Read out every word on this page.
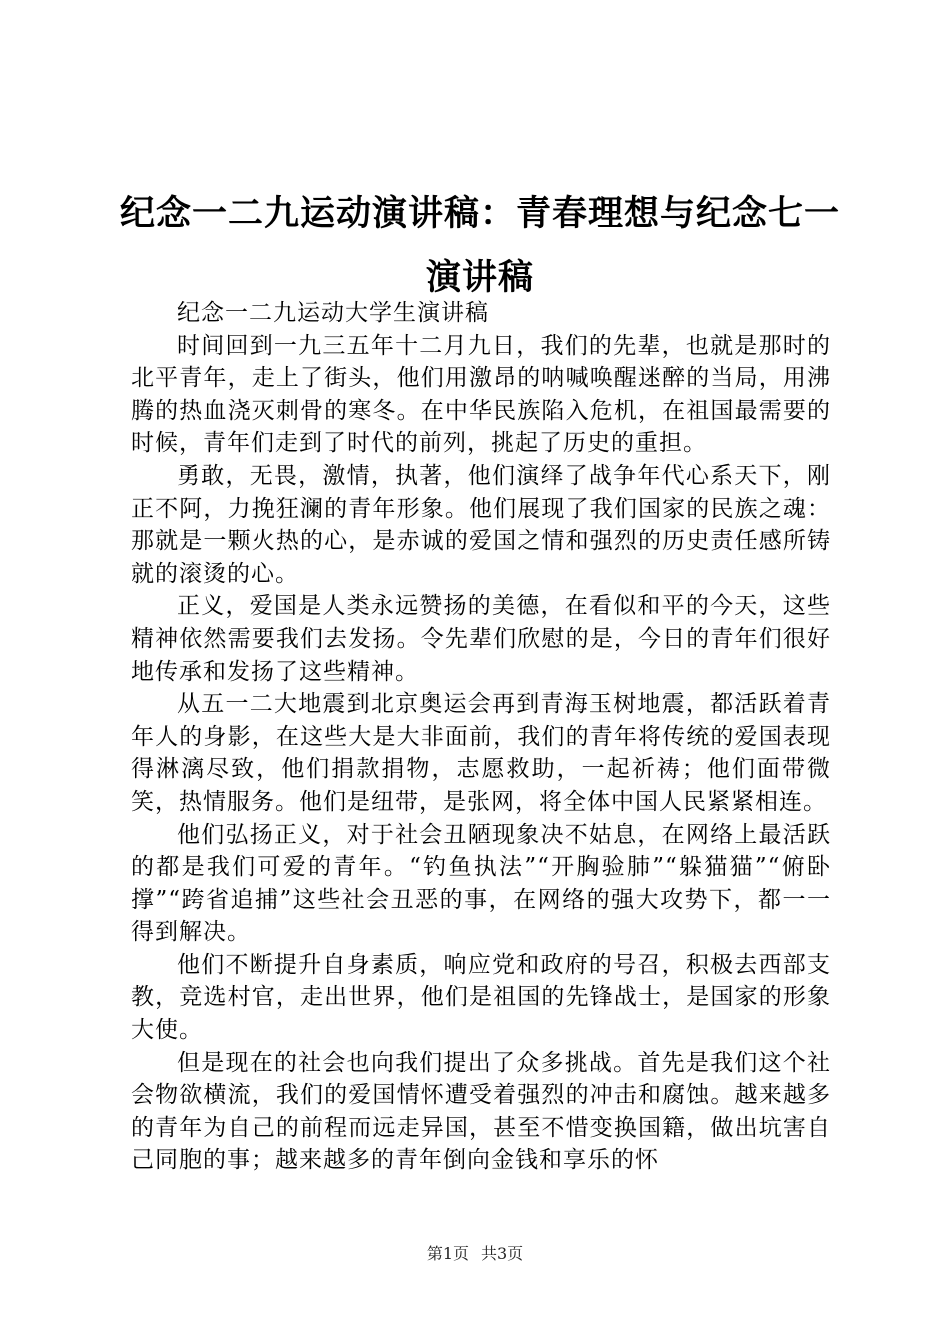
纪念一二九运动演讲稿：青春理想与纪念七一演讲稿

纪念一二九运动大学生演讲稿

时间回到一九三五年十二月九日，我们的先辈，也就是那时的北平青年，走上了街头，他们用激昂的呐喊唤醒迷醉的当局，用沸腾的热血浇灭刺骨的寒冬。在中华民族陷入危机，在祖国最需要的时候，青年们走到了时代的前列，挑起了历史的重担。

勇敢，无畏，激情，执著，他们演绎了战争年代心系天下，刚正不阿，力挽狂澜的青年形象。他们展现了我们国家的民族之魂：那就是一颗火热的心，是赤诚的爱国之情和强烈的历史责任感所铸就的滚烫的心。

正义，爱国是人类永远赞扬的美德，在看似和平的今天，这些精神依然需要我们去发扬。令先辈们欣慰的是，今日的青年们很好地传承和发扬了这些精神。

从五一二大地震到北京奥运会再到青海玉树地震，都活跃着青年人的身影，在这些大是大非面前，我们的青年将传统的爱国表现得淋漓尽致，他们捐款捐物，志愿救助，一起祈祷；他们面带微笑，热情服务。他们是纽带，是张网，将全体中国人民紧紧相连。

他们弘扬正义，对于社会丑陋现象决不姑息，在网络上最活跃的都是我们可爱的青年。“钓鱼执法”“开胸验肺”“躲猫猫”“俯卧撑”“跨省追捕”这些社会丑恶的事，在网络的强大攻势下，都一一得到解决。

他们不断提升自身素质，响应党和政府的号召，积极去西部支教，竞选村官，走出世界，他们是祖国的先锋战士，是国家的形象大使。

但是现在的社会也向我们提出了众多挑战。首先是我们这个社会物欲横流，我们的爱国情怀遭受着强烈的冲击和腐蚀。越来越多的青年为自己的前程而远走异国，甚至不惜变换国籍，做出坑害自己同胞的事；越来越多的青年倒向金钱和享乐的怀

第1页 共3页
